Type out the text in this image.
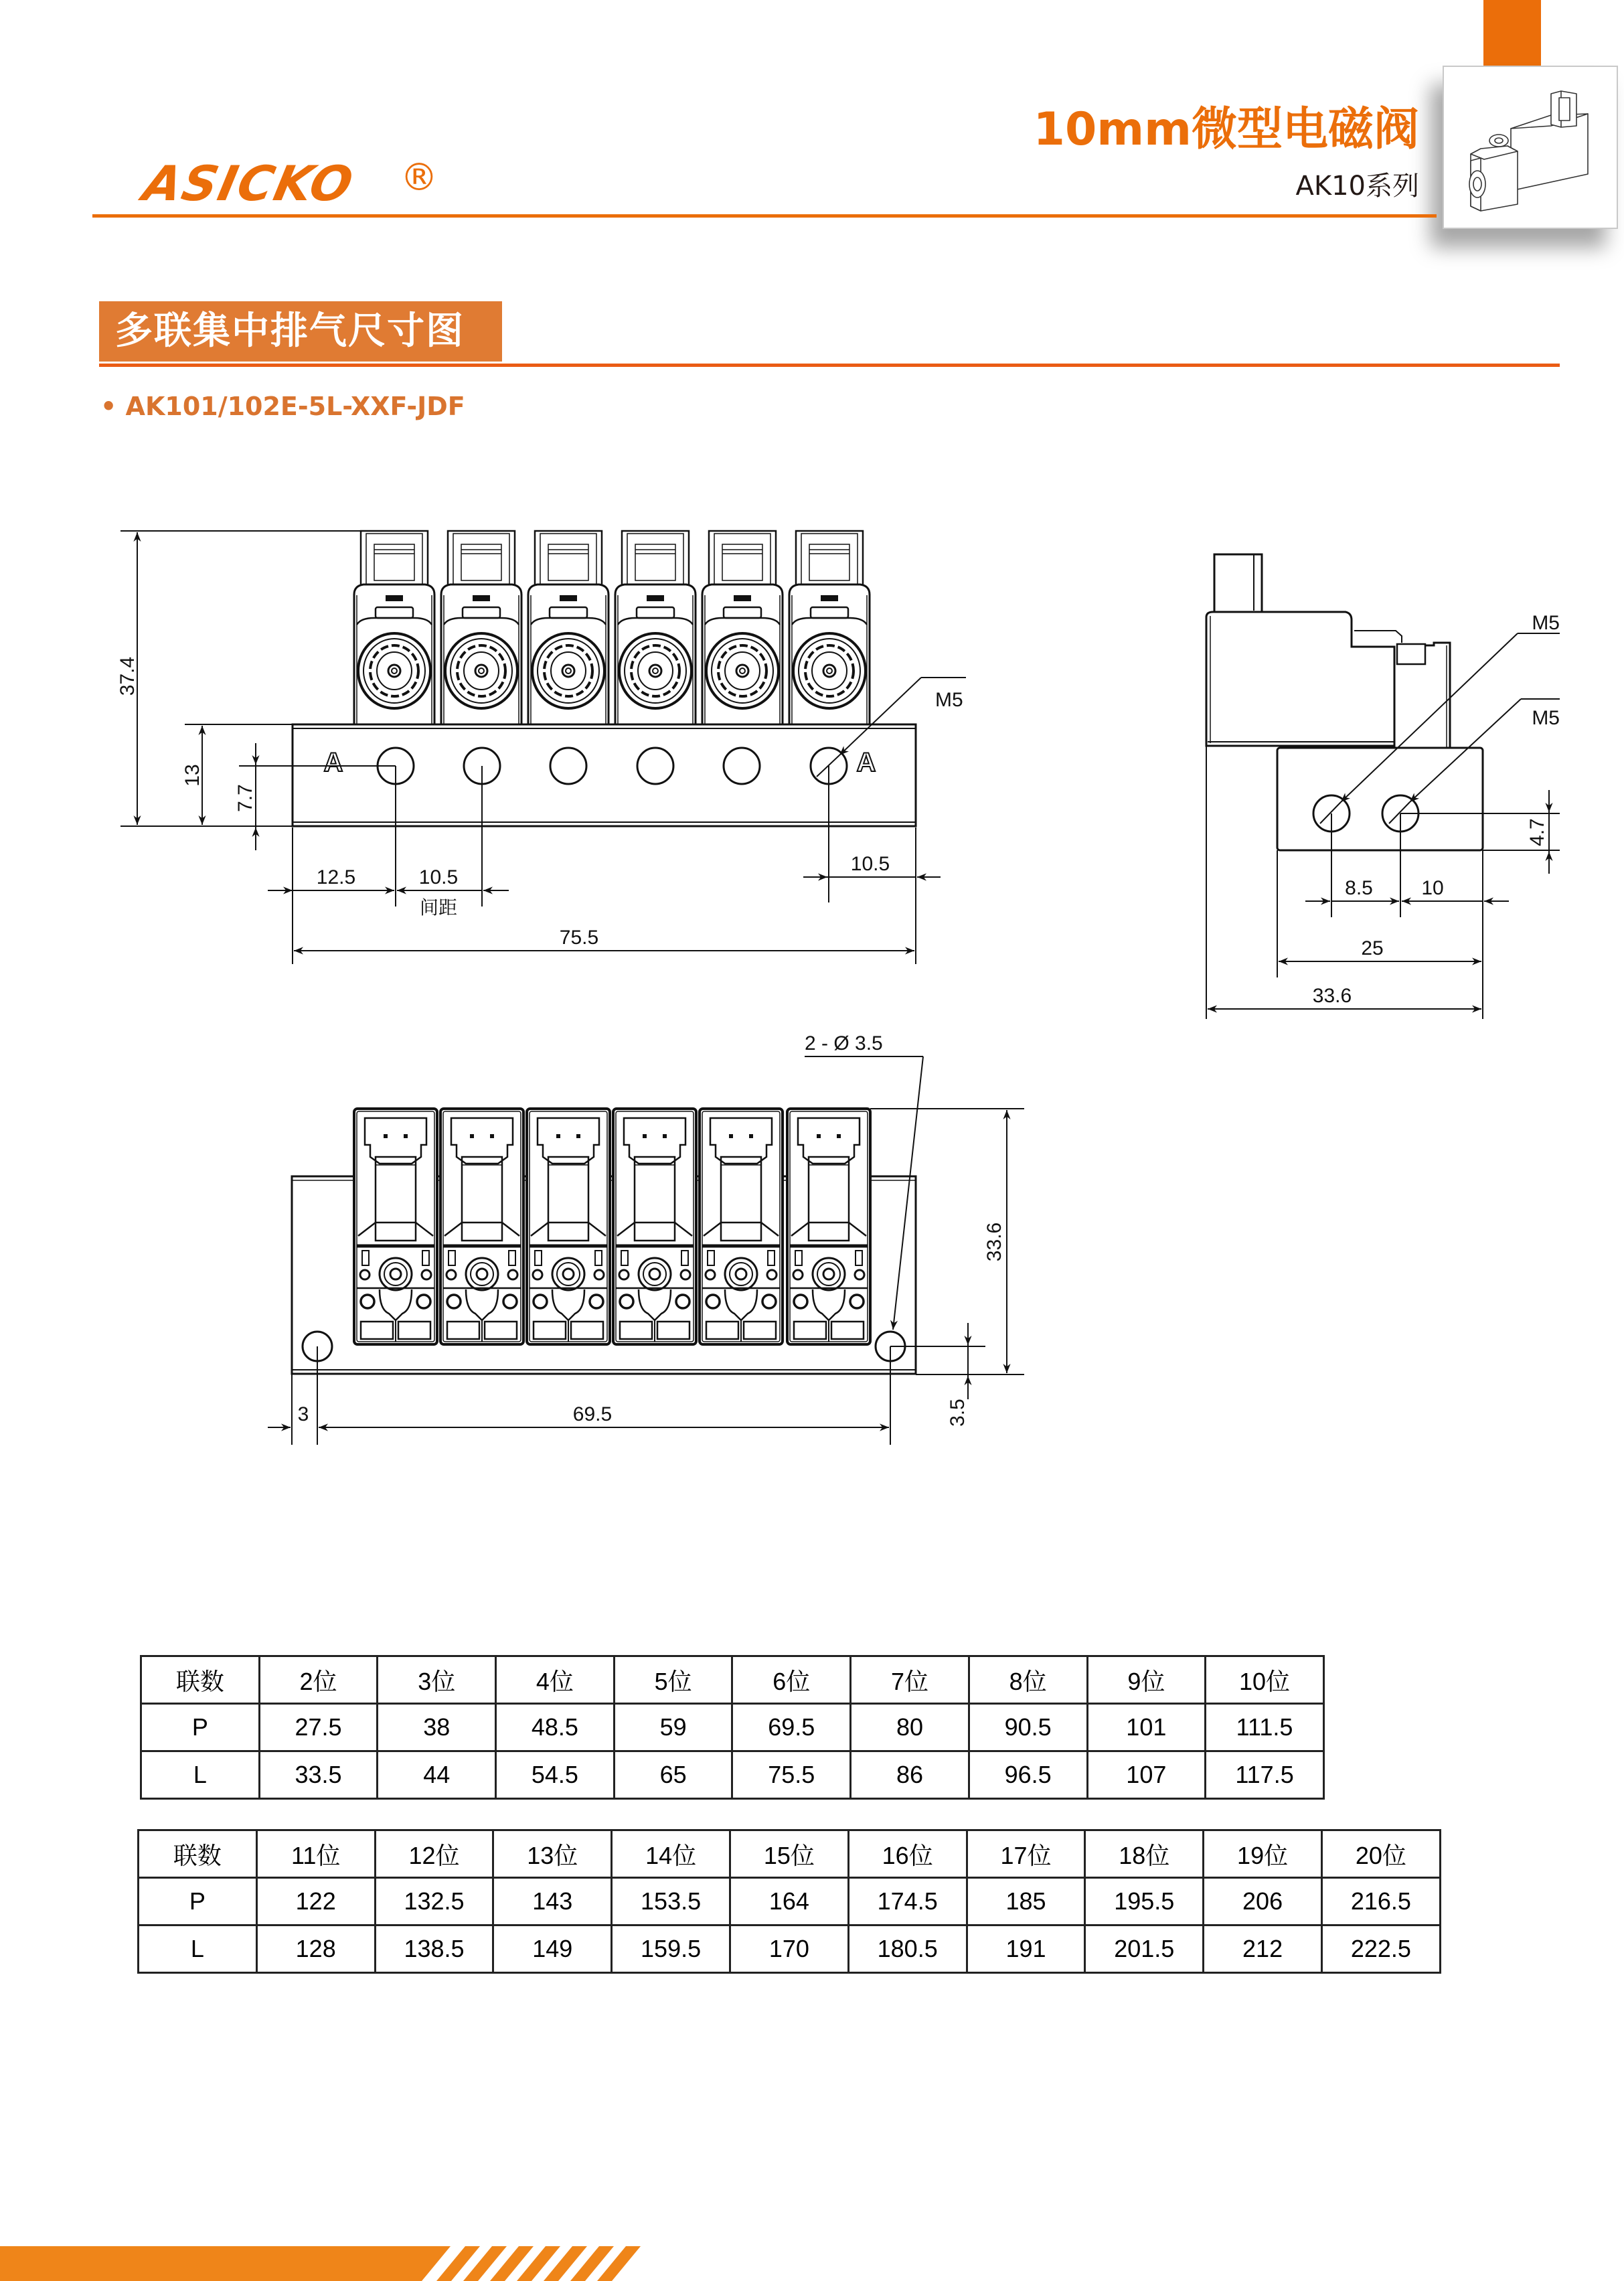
ASICKO ®
10mm微型电磁阀
AK10系列
多联集中排气尺寸图
• AK101/102E-5L-XXF-JDF
A	A
M5
37.4
13
7.7
12.5	10.5
间距
10.5
75.5
M5
M5
4.7
8.5 10
25
33.6
2 - Ø 3.5
33.6
3.5
3	69.5
联数	2位	3位	4位	5位	6位	7位	8位	9位	10位
P	27.5	38	48.5	59	69.5	80	90.5	101	111.5
L	33.5	44	54.5	65	75.5	86	96.5	107	117.5
联数	11位	12位	13位	14位	15位	16位	17位	18位	19位	20位
P	122	132.5	143	153.5	164	174.5	185	195.5	206	216.5
L	128	138.5	149	159.5	170	180.5	191	201.5	212	222.5
